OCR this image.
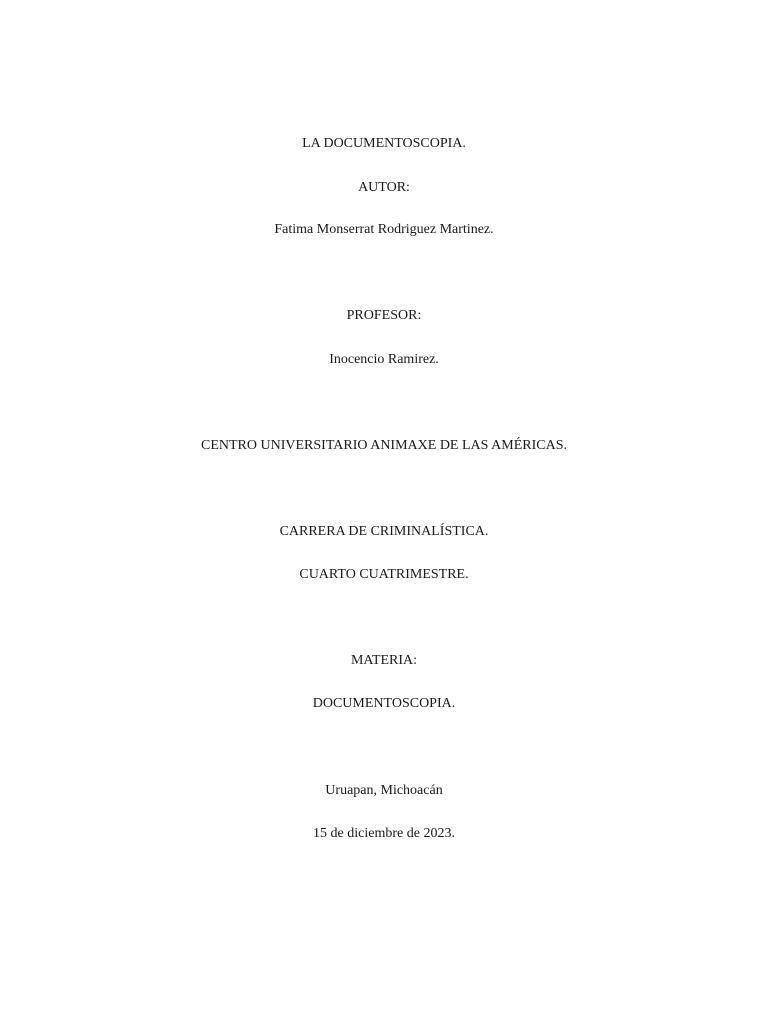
LA DOCUMENTOSCOPIA.
AUTOR:
Fatima Monserrat Rodriguez Martinez.
PROFESOR:
Inocencio Ramirez.
CENTRO UNIVERSITARIO ANIMAXE DE LAS AMÉRICAS.
CARRERA DE CRIMINALÍSTICA.
CUARTO CUATRIMESTRE.
MATERIA:
DOCUMENTOSCOPIA.
Uruapan, Michoacán
15 de diciembre de 2023.
